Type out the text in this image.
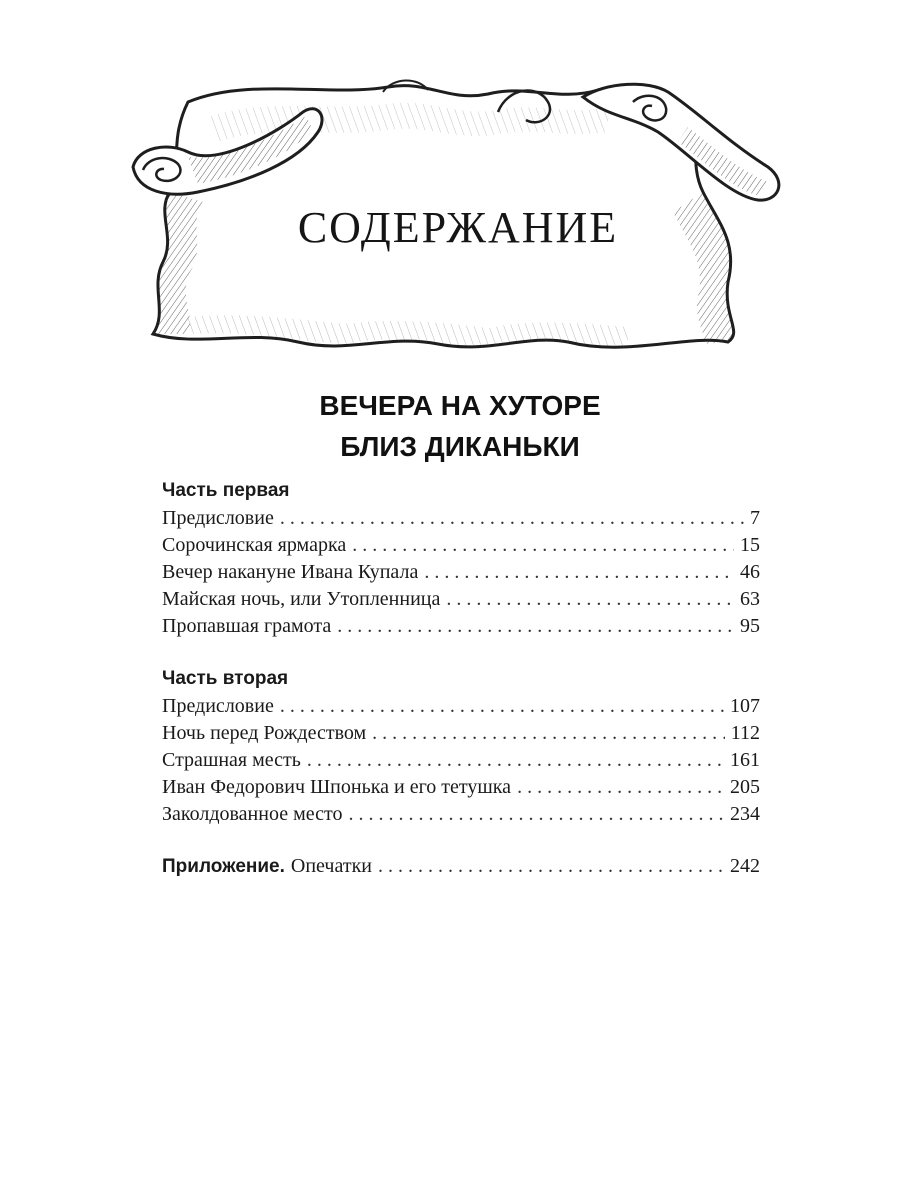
СОДЕРЖАНИЕ
ВЕЧЕРА НА ХУТОРЕ
БЛИЗ ДИКАНЬКИ
Часть первая
Предисловие . . .	7
Сорочинская ярмарка . . .	15
Вечер накануне Ивана Купала . . .	46
Майская ночь, или Утопленница . . .	63
Пропавшая грамота . . .	95
Часть вторая
Предисловие . . .	107
Ночь перед Рождеством . . .	112
Страшная месть . . .	161
Иван Федорович Шпонька и его тетушка . . .	205
Заколдованное место . . .	234
Приложение. Опечатки . . .	242
